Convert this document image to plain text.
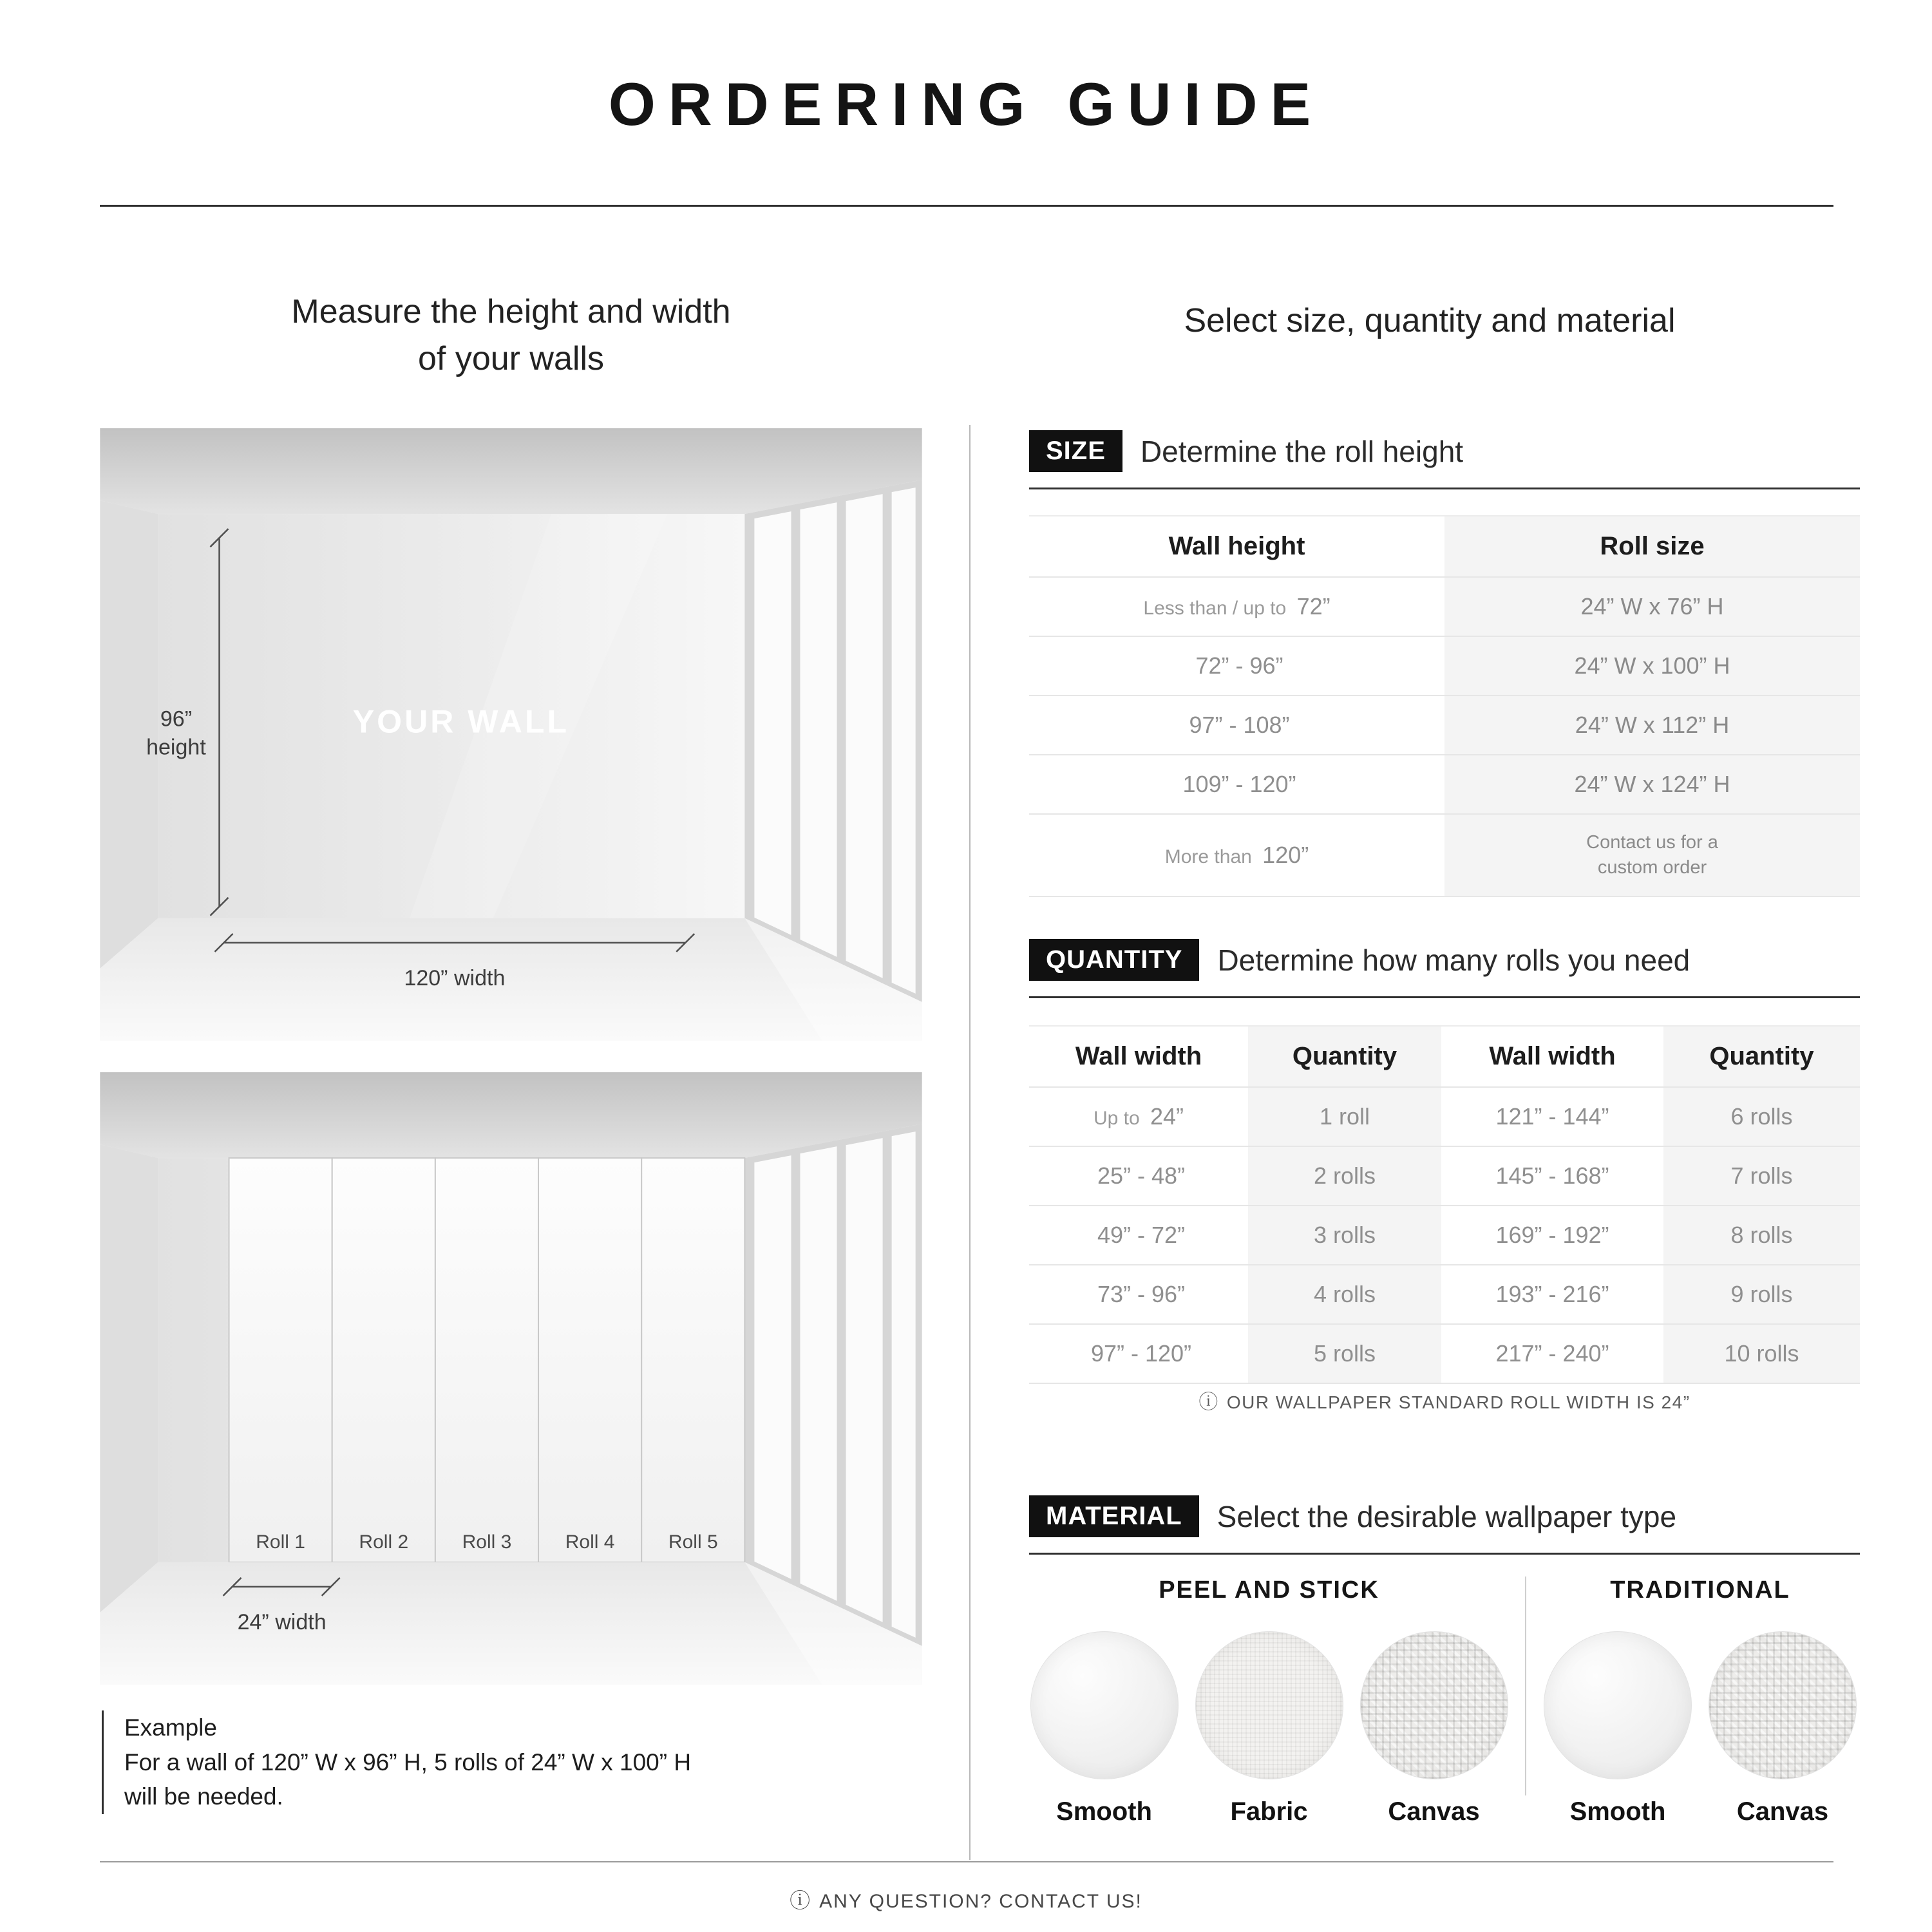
ORDERING GUIDE
Measure the height and width
of your walls
Select size, quantity and material
96”
height
120” width
YOUR WALL
Roll 1	Roll 2	Roll 3	Roll 4	Roll 5
24” width
Example
For a wall of 120” W x 96” H, 5 rolls of 24” W x 100” H
will be needed.
SIZE	Determine the roll height
Wall height	Roll size
Less than / up to 72”	24” W x 76” H
72” - 96”	24” W x 100” H
97” - 108”	24” W x 112” H
109” - 120”	24” W x 124” H
More than 120”	Contact us for a custom order
QUANTITY	Determine how many rolls you need
Wall width	Quantity	Wall width	Quantity
Up to 24”	1 roll	121” - 144”	6 rolls
25” - 48”	2 rolls	145” - 168”	7 rolls
49” - 72”	3 rolls	169” - 192”	8 rolls
73” - 96”	4 rolls	193” - 216”	9 rolls
97” - 120”	5 rolls	217” - 240”	10 rolls
ⓘ OUR WALLPAPER STANDARD ROLL WIDTH IS 24”
MATERIAL	Select the desirable wallpaper type
PEEL AND STICK
Smooth	Fabric	Canvas
TRADITIONAL
Smooth	Canvas
ⓘ ANY QUESTION? CONTACT US!
